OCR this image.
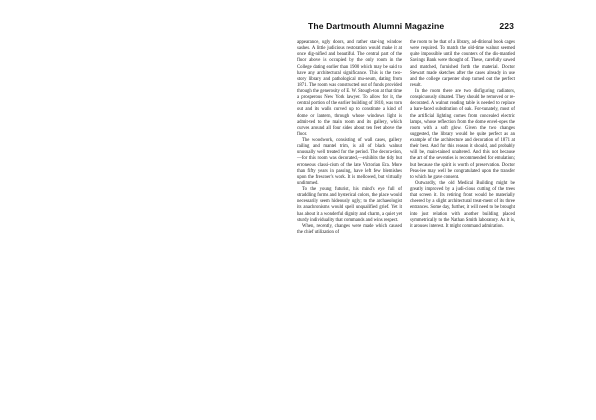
The Dartmouth Alumni Magazine	223

appearance, ugly doors, and rather star-ing window sashes. A little judicious restoration would make it at once dig-nified and beautiful. The central part of the floor above is occupied by the only room in the College dating earlier than 1900 which may be said to have any architectural significance. This is the two-story library and pathological mu-seum, dating from 1871. The room was constructed out of funds provided through the generosity of E. W. Stough-ton at that time a prosperous New York lawyer. To allow for it, the central portion of the earlier building of 1810, was torn out and its walls curved up to constitute a kind of dome or lantern, through whose windows light is admit-ted to the main room and its gallery, which curves around all four sides about ten feet above the floor.

The woodwork, consisting of wall cases, gallery railing and mantel trim, is all of black walnut unusually well treated for the period. The decora-tion,—for this room was decorated,—exhibits the tidy but erroneous classi-cism of the late Victorian Era. More than fifty years in passing, have left few blemishes upon the frescoer's work. It is mellowed, but virtually undimmed.

To the young futurist, his mind's eye full of straddling forms and hysterical colors, the place would necessarily seem hideously ugly; to the archaeologist its anachronisms would spell unqualified grief. Yet it has about it a wonderful dignity and charm, a quiet yet sturdy individuality that commands and wins respect.

When, recently, changes were made which caused the chief utilization of

the room to be that of a library, ad-ditional book cages were required. To match the old-time walnut seemed quite impossible until the counters of the dis-mantled Savings Bank were thought of. These, carefully sawed and matched, furnished forth the material. Doctor Stewart made sketches after the cases already in use and the college carpenter shop turned out the perfect result.

In the room there are two disfiguring radiators, conspicuously situated. They should be removed or re-decorated. A walnut reading table is needed to replace a bare-faced substitution of oak. For-tunately, most of the artificial lighting comes from concealed electric lamps, whose reflection from the dome envel-opes the room with a soft glow. Given the two changes suggested, the library would be quite perfect as an example of the architecture and decoration of 1871 at their best. And for this reason it should, and probably will be, main-tained unaltered. And this not because the art of the seventies is recommended for emulation; but because the spirit is worth of preservation. Doctor Peas-lee may well be congratulated upon the transfer to which he gave consent.

Outwardly, the old Medical Building might be greatly improved by a judi-cious cutting of the trees that screen it. Its retiring front would be materially cheered by a slight architectural treat-ment of its three entrances. Some day, further, it will need to be brought into just relation with another building placed symmetrically to the Nathan Smith laboratory. As it is, it arouses interest. It might command admiration.
